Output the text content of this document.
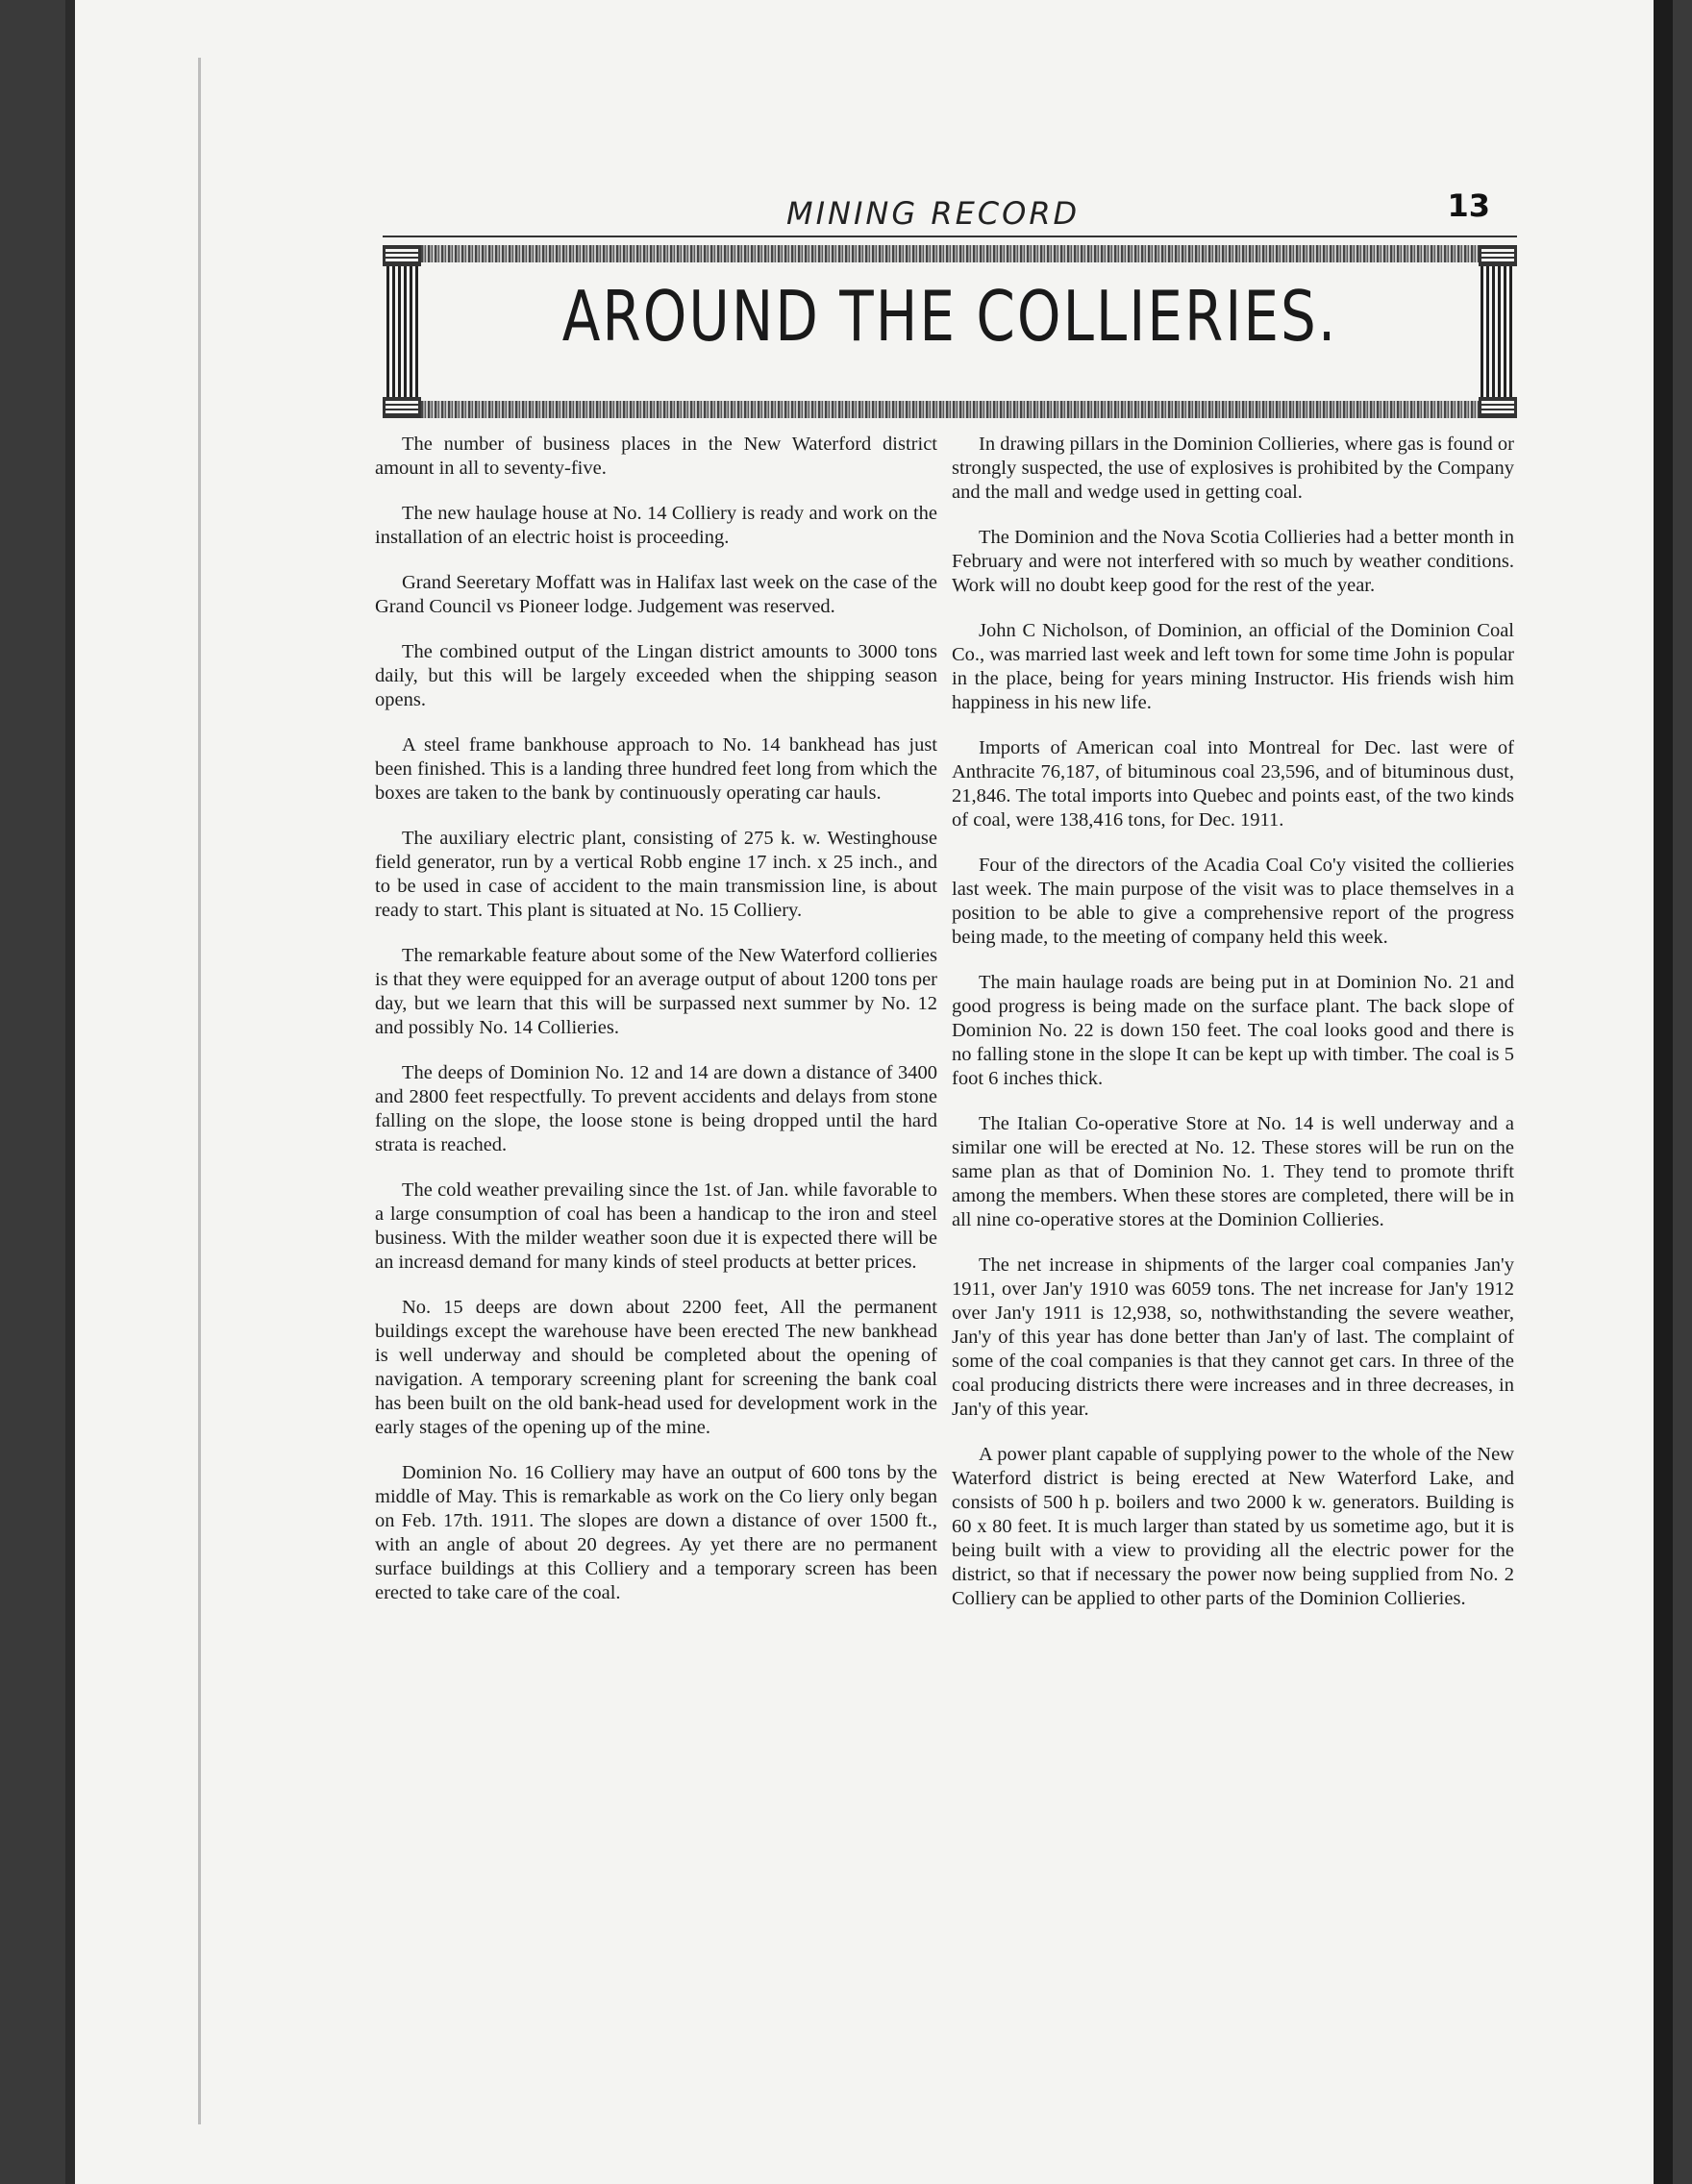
MINING RECORD	13
AROUND THE COLLIERIES.

The number of business places in the New Waterford district amount in all to seventy-five.

The new haulage house at No. 14 Colliery is ready and work on the installation of an electric hoist is proceeding.

Grand Seeretary Moffatt was in Halifax last week on the case of the Grand Council vs Pioneer lodge. Judgement was reserved.

The combined output of the Lingan district amounts to 3000 tons daily, but this will be largely exceeded when the shipping season opens.

A steel frame bankhouse approach to No. 14 bankhead has just been finished. This is a landing three hundred feet long from which the boxes are taken to the bank by continuously operating car hauls.

The auxiliary electric plant, consisting of 275 k. w. Westinghouse field generator, run by a vertical Robb engine 17 inch. x 25 inch., and to be used in case of accident to the main transmission line, is about ready to start. This plant is situated at No. 15 Colliery.

The remarkable feature about some of the New Waterford collieries is that they were equipped for an average output of about 1200 tons per day, but we learn that this will be surpassed next summer by No. 12 and possibly No. 14 Collieries.

The deeps of Dominion No. 12 and 14 are down a distance of 3400 and 2800 feet respectfully. To prevent accidents and delays from stone falling on the slope, the loose stone is being dropped until the hard strata is reached.

The cold weather prevailing since the 1st. of Jan. while favorable to a large consumption of coal has been a handicap to the iron and steel business. With the milder weather soon due it is expected there will be an increasd demand for many kinds of steel products at better prices.

No. 15 deeps are down about 2200 feet, All the permanent buildings except the warehouse have been erected The new bankhead is well underway and should be completed about the opening of navigation. A temporary screening plant for screening the bank coal has been built on the old bank-head used for development work in the early stages of the opening up of the mine.

Dominion No. 16 Colliery may have an output of 600 tons by the middle of May. This is remarkable as work on the Co liery only began on Feb. 17th. 1911. The slopes are down a distance of over 1500 ft., with an angle of about 20 degrees. Ay yet there are no permanent surface buildings at this Colliery and a temporary screen has been erected to take care of the coal.

In drawing pillars in the Dominion Collieries, where gas is found or strongly suspected, the use of explosives is prohibited by the Company and the mall and wedge used in getting coal.

The Dominion and the Nova Scotia Collieries had a better month in February and were not interfered with so much by weather conditions. Work will no doubt keep good for the rest of the year.

John C Nicholson, of Dominion, an official of the Dominion Coal Co., was married last week and left town for some time John is popular in the place, being for years mining Instructor. His friends wish him happiness in his new life.

Imports of American coal into Montreal for Dec. last were of Anthracite 76,187, of bituminous coal 23,596, and of bituminous dust, 21,846. The total imports into Quebec and points east, of the two kinds of coal, were 138,416 tons, for Dec. 1911.

Four of the directors of the Acadia Coal Co'y visited the collieries last week. The main purpose of the visit was to place themselves in a position to be able to give a comprehensive report of the progress being made, to the meeting of company held this week.

The main haulage roads are being put in at Dominion No. 21 and good progress is being made on the surface plant. The back slope of Dominion No. 22 is down 150 feet. The coal looks good and there is no falling stone in the slope It can be kept up with timber. The coal is 5 foot 6 inches thick.

The Italian Co-operative Store at No. 14 is well underway and a similar one will be erected at No. 12. These stores will be run on the same plan as that of Dominion No. 1. They tend to promote thrift among the members. When these stores are completed, there will be in all nine co-operative stores at the Dominion Collieries.

The net increase in shipments of the larger coal companies Jan'y 1911, over Jan'y 1910 was 6059 tons. The net increase for Jan'y 1912 over Jan'y 1911 is 12,938, so, nothwithstanding the severe weather, Jan'y of this year has done better than Jan'y of last. The complaint of some of the coal companies is that they cannot get cars. In three of the coal producing districts there were increases and in three decreases, in Jan'y of this year.

A power plant capable of supplying power to the whole of the New Waterford district is being erected at New Waterford Lake, and consists of 500 h p. boilers and two 2000 k w. generators. Building is 60 x 80 feet. It is much larger than stated by us sometime ago, but it is being built with a view to providing all the electric power for the district, so that if necessary the power now being supplied from No. 2 Colliery can be applied to other parts of the Dominion Collieries.
